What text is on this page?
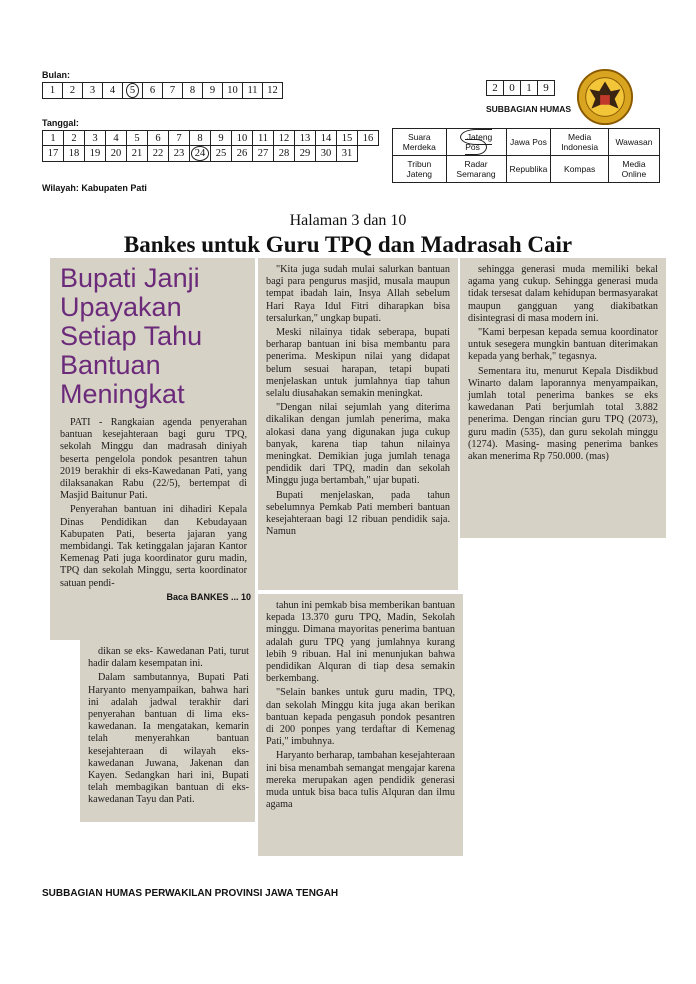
Bulan:
1	2	3	4	5	6	7	8	9	10	11	12
Tanggal:
1	2	3	4	5	6	7	8	9	10	11	12	13	14	15	16
17	18	19	20	21	22	23	24	25	26	27	28	29	30	31	
Wilayah: Kabupaten Pati
2	0	1	9
SUBBAGIAN HUMAS
Suara Merdeka	Jateng Pos	Jawa Pos	Media Indonesia	Wawasan
Tribun Jateng	Radar Semarang	Republika	Kompas	Media Online
Halaman 3 dan 10
Bankes untuk Guru TPQ dan Madrasah Cair
Bupati Janji Upayakan Setiap Tahu Bantuan Meningkat

PATI - Rangkaian agenda penyerahan bantuan kesejahteraan bagi guru TPQ, sekolah Minggu dan madrasah diniyah beserta pengelola pondok pesantren tahun 2019 berakhir di eks-Kawedanan Pati, yang dilaksanakan Rabu (22/5), bertempat di Masjid Baitunur Pati.

Penyerahan bantuan ini dihadiri Kepala Dinas Pendidikan dan Kebudayaan Kabupaten Pati, beserta jajaran yang membidangi. Tak ketinggalan jajaran Kantor Kemenag Pati juga koordinator guru madin, TPQ dan sekolah Minggu, serta koordinator satuan pendi-

Baca BANKES ... 10

dikan se eks- Kawedanan Pati, turut hadir dalam kesempatan ini.

Dalam sambutannya, Bupati Pati Haryanto menyampaikan, bahwa hari ini adalah jadwal terakhir dari penyerahan bantuan di lima eks-kawedanan. Ia mengatakan, kemarin telah menyerahkan bantuan kesejahteraan di wilayah eks-kawedanan Juwana, Jakenan dan Kayen. Sedangkan hari ini, Bupati telah membagikan bantuan di eks-kawedanan Tayu dan Pati.

"Kita juga sudah mulai salurkan bantuan bagi para pengurus masjid, musala maupun tempat ibadah lain, Insya Allah sebelum Hari Raya Idul Fitri diharapkan bisa tersalurkan," ungkap bupati.

Meski nilainya tidak seberapa, bupati berharap bantuan ini bisa membantu para penerima. Meskipun nilai yang didapat belum sesuai harapan, tetapi bupati menjelaskan untuk jumlahnya tiap tahun selalu diusahakan semakin meningkat.

"Dengan nilai sejumlah yang diterima dikalikan dengan jumlah penerima, maka alokasi dana yang digunakan juga cukup banyak, karena tiap tahun nilainya meningkat. Demikian juga jumlah tenaga pendidik dari TPQ, madin dan sekolah Minggu juga bertambah," ujar bupati.

Bupati menjelaskan, pada tahun sebelumnya Pemkab Pati memberi bantuan kesejahteraan bagi 12 ribuan pendidik saja. Namun

tahun ini pemkab bisa memberikan bantuan kepada 13.370 guru TPQ, Madin, Sekolah minggu. Dimana mayoritas penerima bantuan adalah guru TPQ yang jumlahnya kurang lebih 9 ribuan. Hal ini menunjukan bahwa pendidikan Alquran di tiap desa semakin berkembang.

"Selain bankes untuk guru madin, TPQ, dan sekolah Minggu kita juga akan berikan bantuan kepada pengasuh pondok pesantren di 200 ponpes yang terdaftar di Kemenag Pati," imbuhnya.

Haryanto berharap, tambahan kesejahteraan ini bisa menambah semangat mengajar karena mereka merupakan agen pendidik generasi muda untuk bisa baca tulis Alquran dan ilmu agama

sehingga generasi muda memiliki bekal agama yang cukup. Sehingga generasi muda tidak tersesat dalam kehidupan bermasyarakat maupun gangguan yang diakibatkan disintegrasi di masa modern ini.

"Kami berpesan kepada semua koordinator untuk sesegera mungkin bantuan diterimakan kepada yang berhak," tegasnya.

Sementara itu, menurut Kepala Disdikbud Winarto dalam laporannya menyampaikan, jumlah total penerima bankes se eks kawedanan Pati berjumlah total 3.882 penerima. Dengan rincian guru TPQ (2073), guru madin (535), dan guru sekolah minggu (1274). Masing- masing penerima bankes akan menerima Rp 750.000. (mas)

SUBBAGIAN HUMAS PERWAKILAN PROVINSI JAWA TENGAH
